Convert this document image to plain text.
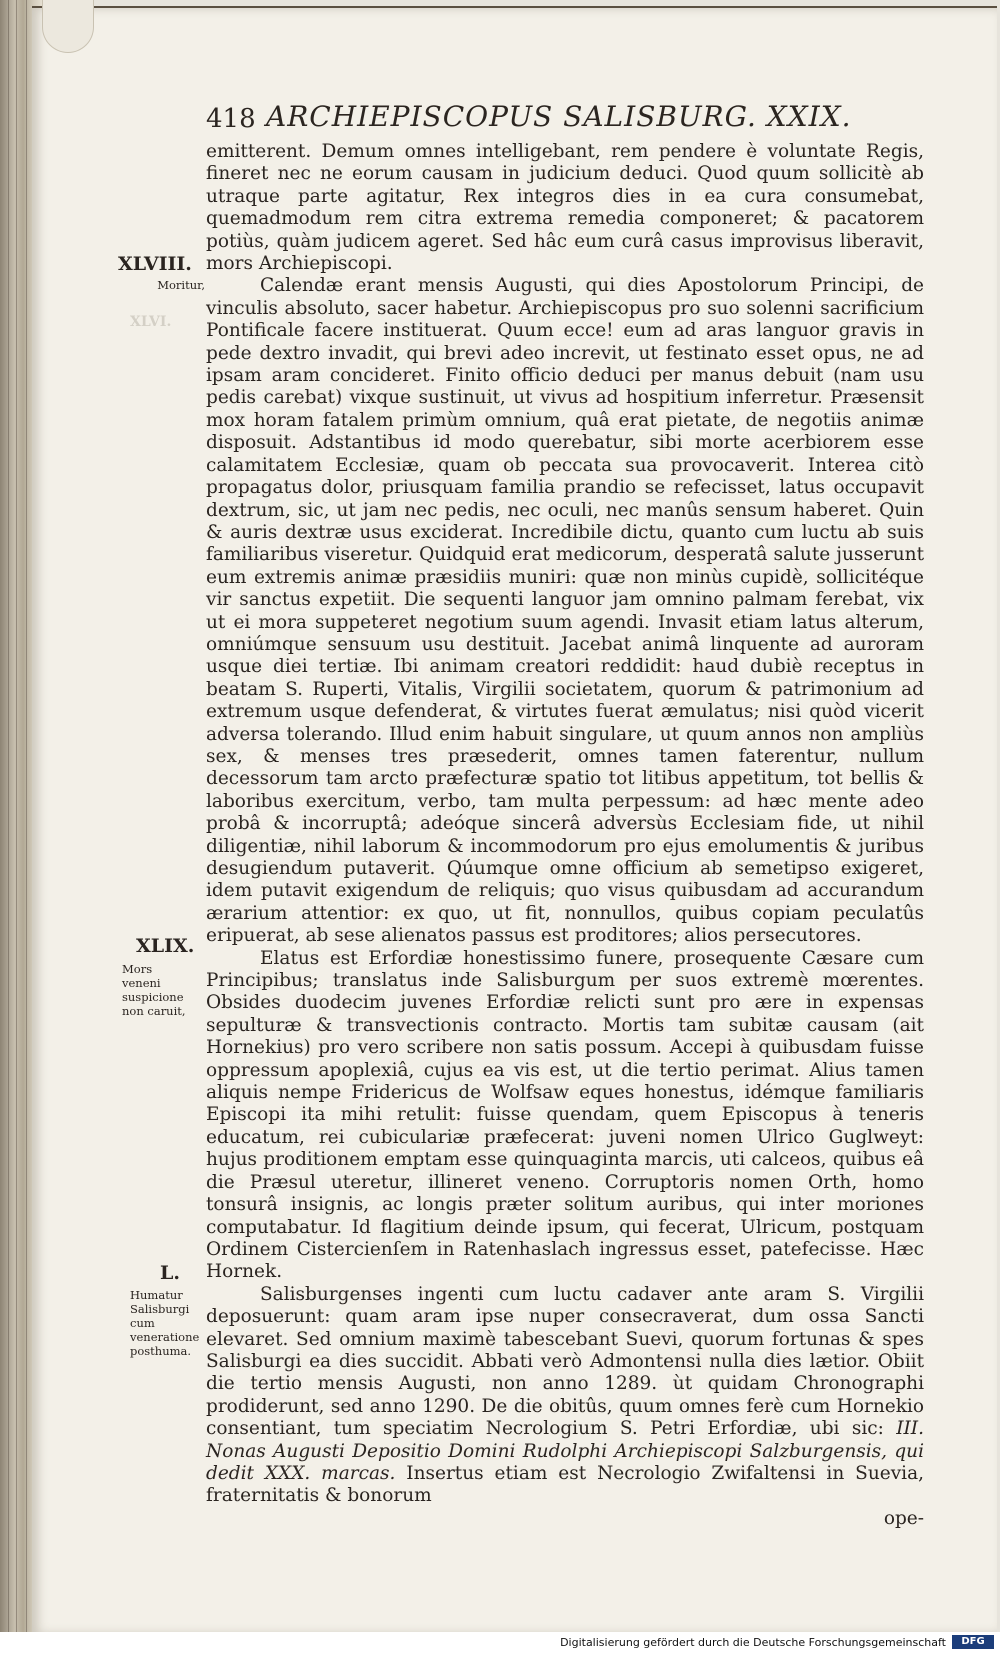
XLVI.
418 ARCHIEPISCOPUS SALISBURG. XXIX.
XLVIII.
Moritur,
XLIX.
Mors veneni suspicione non caruit,
L.
Humatur Salisburgi cum veneratione posthuma.

emitterent. Demum omnes intelligebant, rem pendere è voluntate Regis, fineret nec ne eorum causam in judicium deduci. Quod quum sollicitè ab utraque parte agitatur, Rex integros dies in ea cura consumebat, quemadmodum rem citra extrema remedia componeret; & pacatorem potiùs, quàm judicem ageret. Sed hâc eum curâ casus improvisus liberavit, mors Archiepiscopi.

Calendæ erant mensis Augusti, qui dies Apostolorum Principi, de vinculis absoluto, sacer habetur. Archiepiscopus pro suo solenni sacrificium Pontificale facere instituerat. Quum ecce! eum ad aras languor gravis in pede dextro invadit, qui brevi adeo increvit, ut festinato esset opus, ne ad ipsam aram concideret. Finito officio deduci per manus debuit (nam usu pedis carebat) vixque sustinuit, ut vivus ad hospitium inferretur. Præsensit mox horam fatalem primùm omnium, quâ erat pietate, de negotiis animæ disposuit. Adstantibus id modo querebatur, sibi morte acerbiorem esse calamitatem Ecclesiæ, quam ob peccata sua provocaverit. Interea citò propagatus dolor, priusquam familia prandio se refecisset, latus occupavit dextrum, sic, ut jam nec pedis, nec oculi, nec manûs sensum haberet. Quin & auris dextræ usus exciderat. Incredibile dictu, quanto cum luctu ab suis familiaribus viseretur. Quidquid erat medicorum, desperatâ salute jusserunt eum extremis animæ præsidiis muniri: quæ non minùs cupidè, sollicitéque vir sanctus expetiit. Die sequenti languor jam omnino palmam ferebat, vix ut ei mora suppeteret negotium suum agendi. Invasit etiam latus alterum, omniúmque sensuum usu destituit. Jacebat animâ linquente ad auroram usque diei tertiæ. Ibi animam creatori reddidit: haud dubiè receptus in beatam S. Ruperti, Vitalis, Virgilii societatem, quorum & patrimonium ad extremum usque defenderat, & virtutes fuerat æmulatus; nisi quòd vicerit adversa tolerando. Illud enim habuit singulare, ut quum annos non ampliùs sex, & menses tres præsederit, omnes tamen faterentur, nullum decessorum tam arcto præfecturæ spatio tot litibus appetitum, tot bellis & laboribus exercitum, verbo, tam multa perpessum: ad hæc mente adeo probâ & incorruptâ; adeóque sincerâ adversùs Ecclesiam fide, ut nihil diligentiæ, nihil laborum & incommodorum pro ejus emolumentis & juribus desugiendum putaverit. Qúumque omne officium ab semetipso exigeret, idem putavit exigendum de reliquis; quo visus quibusdam ad accurandum ærarium attentior: ex quo, ut fit, nonnullos, quibus copiam peculatûs eripuerat, ab sese alienatos passus est proditores; alios persecutores.

Elatus est Erfordiæ honestissimo funere, prosequente Cæsare cum Principibus; translatus inde Salisburgum per suos extremè mœrentes. Obsides duodecim juvenes Erfordiæ relicti sunt pro ære in expensas sepulturæ & transvectionis contracto. Mortis tam subitæ causam (ait Hornekius) pro vero scribere non satis possum. Accepi à quibusdam fuisse oppressum apoplexiâ, cujus ea vis est, ut die tertio perimat. Alius tamen aliquis nempe Fridericus de Wolfsaw eques honestus, idémque familiaris Episcopi ita mihi retulit: fuisse quendam, quem Episcopus à teneris educatum, rei cubiculariæ præfecerat: juveni nomen Ulrico Guglweyt: hujus proditionem emptam esse quinquaginta marcis, uti calceos, quibus eâ die Præsul uteretur, illineret veneno. Corruptoris nomen Orth, homo tonsurâ insignis, ac longis præter solitum auribus, qui inter moriones computabatur. Id flagitium deinde ipsum, qui fecerat, Ulricum, postquam Ordinem Cistercienſem in Ratenhaslach ingressus esset, patefecisse. Hæc Hornek.

Salisburgenses ingenti cum luctu cadaver ante aram S. Virgilii deposuerunt: quam aram ipse nuper consecraverat, dum ossa Sancti elevaret. Sed omnium maximè tabescebant Suevi, quorum fortunas & spes Salisburgi ea dies succidit. Abbati verò Admontensi nulla dies lætior. Obiit die tertio mensis Augusti, non anno 1289. ùt quidam Chronographi prodiderunt, sed anno 1290. De die obitûs, quum omnes ferè cum Hornekio consentiant, tum speciatim Necrologium S. Petri Erfordiæ, ubi sic: III. Nonas Augusti Depositio Domini Rudolphi Archiepiscopi Salzburgensis, qui dedit XXX. marcas. Insertus etiam est Necrologio Zwifaltensi in Suevia, fraternitatis & bonorum

ope-
Digitalisierung gefördert durch die Deutsche Forschungsgemeinschaft	DFG
